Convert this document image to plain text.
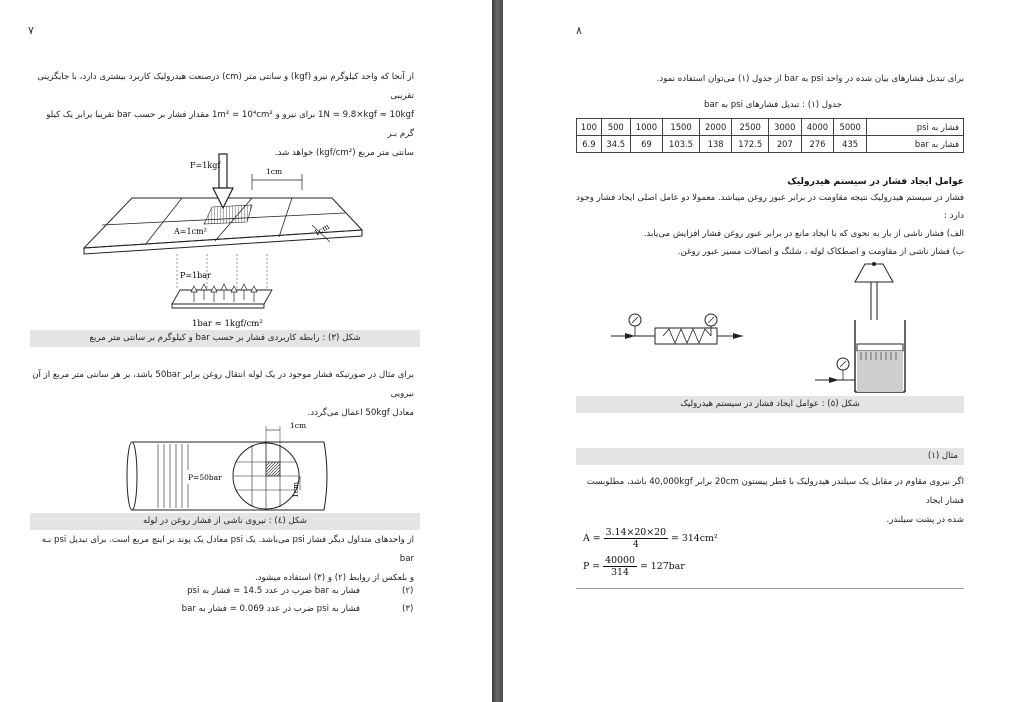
۷
از آنجا که واحد کیلوگرم نیرو (kgf) و سانتی متر (cm) درصنعت هیدرولیک کاربرد بیشتری دارد، با جایگزینی تقریبی
1N = 9.8×kgf ≈ 10kgf برای نیرو و 1m² = 10⁴cm² مقدار فشار بر حسب bar تقریبا برابر یک کیلو گرم بـر
سانتی متر مربع (kgf/cm²) خواهد شد.
F=1kgf
1cm
A=1cm²	1cm
P=1bar
1bar ≈ 1kgf/cm²
شکل (۳) : رابطه کاربردی فشار بر حسب bar و کیلوگرم بر سانتی متر مربع
برای مثال در صورتیکه فشار موجود در یک لوله انتقال روغن برابر 50bar باشد، بر هر سانتی متر مربع از آن نیرویی
معادل 50kgf اعمال می‌گردد.
1cm
1cm
P=50bar
شکل (٤) : نیروی ناشی از فشار روغن در لوله
از واحدهای متداول دیگر فشار psi می‌باشد. یک psi معادل یک پوند بر اینچ مربع است. برای تبدیل psi بـه bar
و بلعکس از روابط (۲) و (۳) استفاده میشود.
فشار به bar ضرب در عدد 14.5 = فشار به psi	(۲)
فشار به psi ضرب در عدد 0.069 = فشار به bar	(۳)
۸
برای تبدیل فشارهای بیان شده در واحد psi به bar از جدول (۱) می‌توان استفاده نمود.
جدول (۱) : تبدیل فشارهای psi به bar
100	500	1000	1500	2000	2500	3000	4000	5000	فشار به psi
6.9	34.5	69	103.5	138	172.5	207	276	435	فشار به bar
عوامل ایجاد فشار در سیستم هیدرولیک
فشار در سیستم هیدرولیک نتیجه مقاومت در برابر عبور روغن میباشد. معمولا دو عامل اصلی ایجاد فشار وجود دارد :
الف) فشار ناشی از بار به نحوی که با ایجاد مانع در برابر عبور روغن فشار افزایش می‌یابد.
ب) فشار ناشی از مقاومت و اصطکاک لوله ، شلنگ و اتصالات مسیر عبور روغن.
شکل (٥) : عوامل ایجاد فشار در سیستم هیدرولیک
مثال (۱)
اگر نیروی مقاوم در مقابل یک سیلندر هیدرولیک با قطر پیستون 20cm برابر 40,000kgf باشد، مطلوبست فشار ایجاد
شده در پشت سیلندر.
$A = \frac{3.14\times 20\times 20}{4} = 314cm^2$
$P = \frac{40000}{314} = 127bar$
